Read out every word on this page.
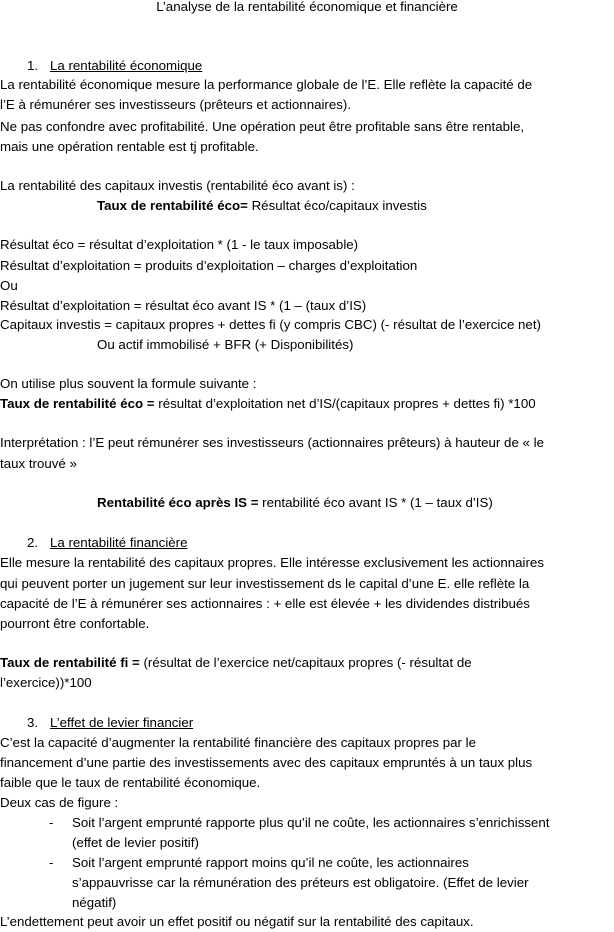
L’analyse de la rentabilité économique et financière
1. La rentabilité économique
La rentabilité économique mesure la performance globale de l’E. Elle reflète la capacité de
l’E à rémunérer ses investisseurs (prêteurs et actionnaires).
Ne pas confondre avec profitabilité. Une opération peut être profitable sans être rentable,
mais une opération rentable est tj profitable.
La rentabilité des capitaux investis (rentabilité éco avant is) :
Taux de rentabilité éco= Résultat éco/capitaux investis
Résultat éco = résultat d’exploitation * (1 - le taux imposable)
Résultat d’exploitation = produits d’exploitation – charges d’exploitation
Ou
Résultat d’exploitation = résultat éco avant IS * (1 – (taux d’IS)
Capitaux investis = capitaux propres + dettes fi (y compris CBC) (- résultat de l’exercice net)
Ou actif immobilisé + BFR (+ Disponibilités)
On utilise plus souvent la formule suivante :
Taux de rentabilité éco = résultat d’exploitation net d’IS/(capitaux propres + dettes fi) *100
Interprétation : l’E peut rémunérer ses investisseurs (actionnaires prêteurs) à hauteur de « le
taux trouvé »
Rentabilité éco après IS = rentabilité éco avant IS * (1 – taux d’IS)
2. La rentabilité financière
Elle mesure la rentabilité des capitaux propres. Elle intéresse exclusivement les actionnaires
qui peuvent porter un jugement sur leur investissement ds le capital d’une E. elle reflète la
capacité de l’E à rémunérer ses actionnaires : + elle est élevée + les dividendes distribués
pourront être confortable.
Taux de rentabilité fi = (résultat de l’exercice net/capitaux propres (- résultat de
l’exercice))*100
3. L’effet de levier financier
C’est la capacité d’augmenter la rentabilité financière des capitaux propres par le
financement d’une partie des investissements avec des capitaux empruntés à un taux plus
faible que le taux de rentabilité économique.
Deux cas de figure :
- Soit l’argent emprunté rapporte plus qu’il ne coûte, les actionnaires s’enrichissent
(effet de levier positif)
- Soit l’argent emprunté rapport moins qu’il ne coûte, les actionnaires
s’appauvrisse car la rémunération des préteurs est obligatoire. (Effet de levier
négatif)
L’endettement peut avoir un effet positif ou négatif sur la rentabilité des capitaux.
